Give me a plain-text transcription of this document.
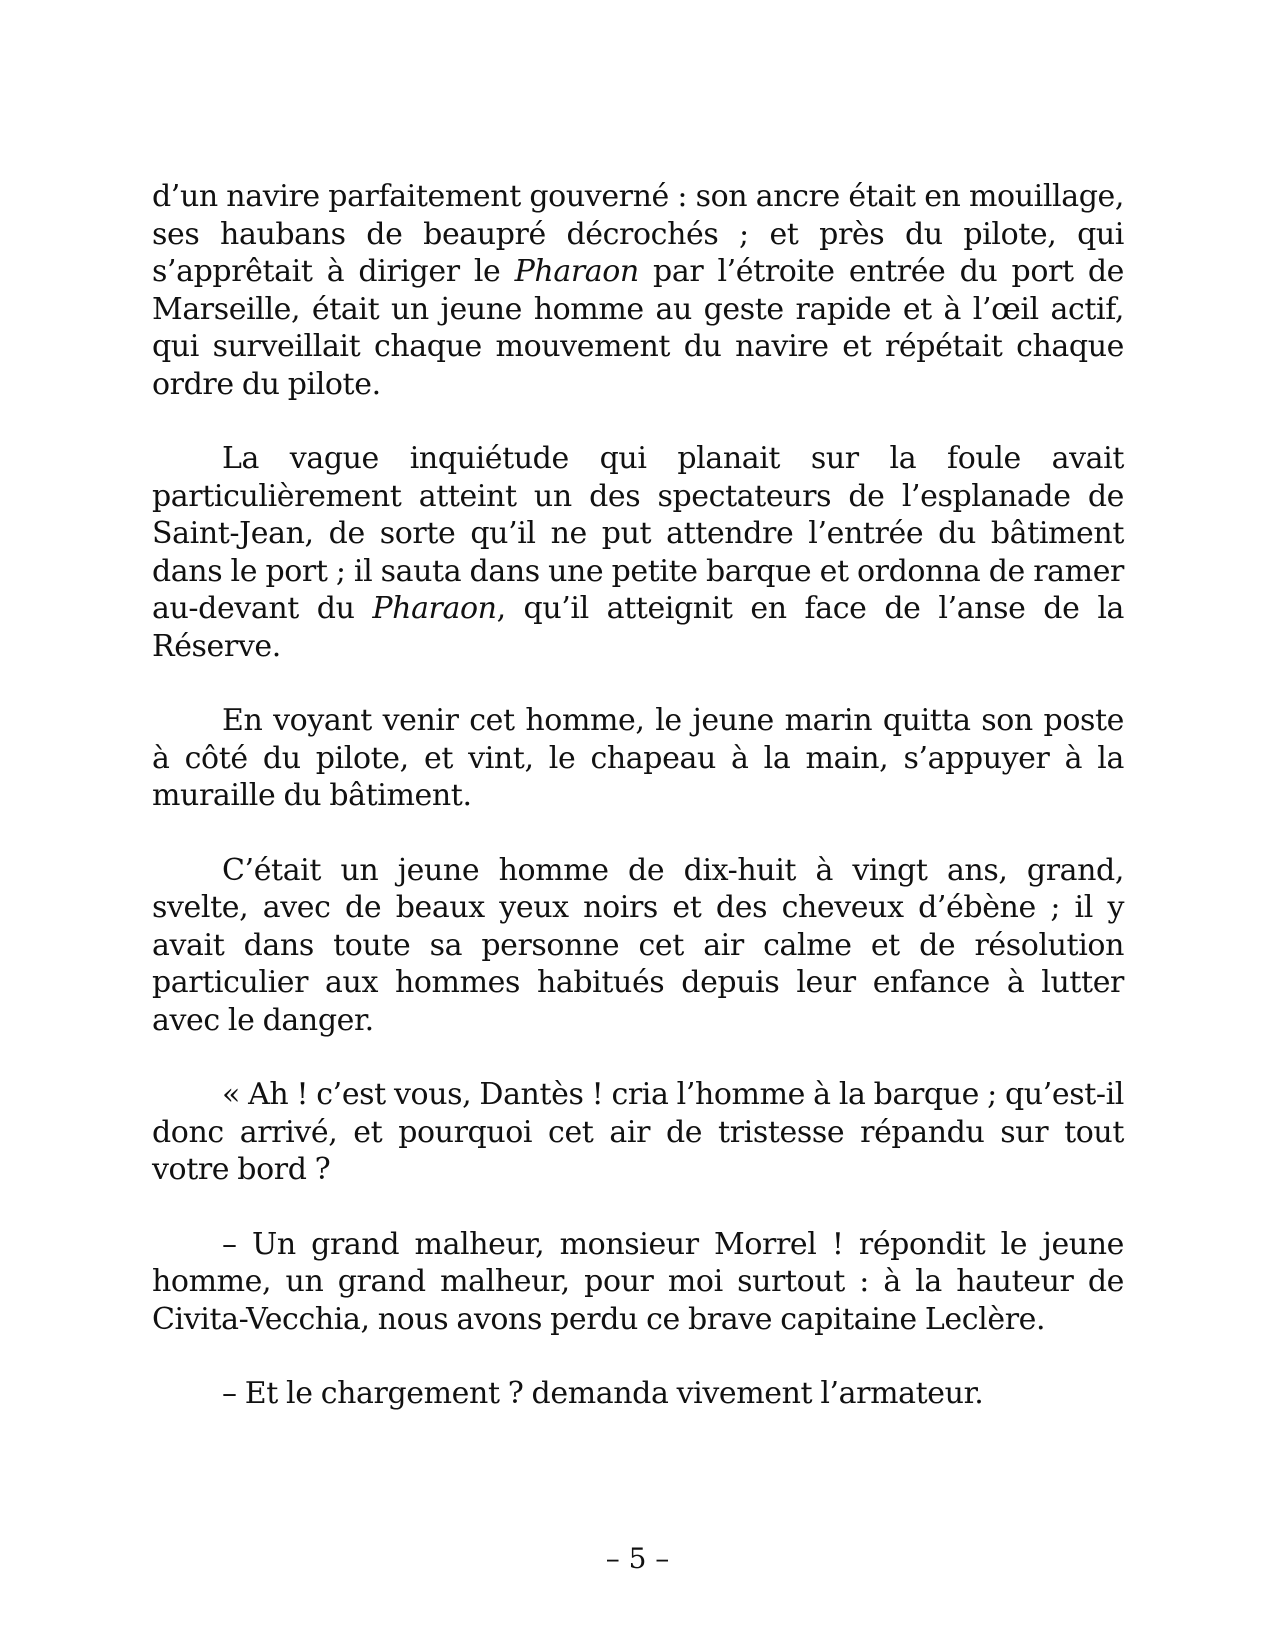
d’un navire parfaitement gouverné : son ancre était en mouillage, ses haubans de beaupré décrochés ; et près du pilote, qui s’apprêtait à diriger le Pharaon par l’étroite entrée du port de Marseille, était un jeune homme au geste rapide et à l’œil actif, qui surveillait chaque mouvement du navire et répétait chaque ordre du pilote.

La vague inquiétude qui planait sur la foule avait particulièrement atteint un des spectateurs de l’esplanade de Saint-Jean, de sorte qu’il ne put attendre l’entrée du bâtiment dans le port ; il sauta dans une petite barque et ordonna de ramer au-devant du Pharaon, qu’il atteignit en face de l’anse de la Réserve.

En voyant venir cet homme, le jeune marin quitta son poste à côté du pilote, et vint, le chapeau à la main, s’appuyer à la muraille du bâtiment.

C’était un jeune homme de dix-huit à vingt ans, grand, svelte, avec de beaux yeux noirs et des cheveux d’ébène ; il y avait dans toute sa personne cet air calme et de résolution particulier aux hommes habitués depuis leur enfance à lutter avec le danger.

« Ah ! c’est vous, Dantès ! cria l’homme à la barque ; qu’est-il donc arrivé, et pourquoi cet air de tristesse répandu sur tout votre bord ?

– Un grand malheur, monsieur Morrel ! répondit le jeune homme, un grand malheur, pour moi surtout : à la hauteur de Civita-Vecchia, nous avons perdu ce brave capitaine Leclère.

– Et le chargement ? demanda vivement l’armateur.

– 5 –
